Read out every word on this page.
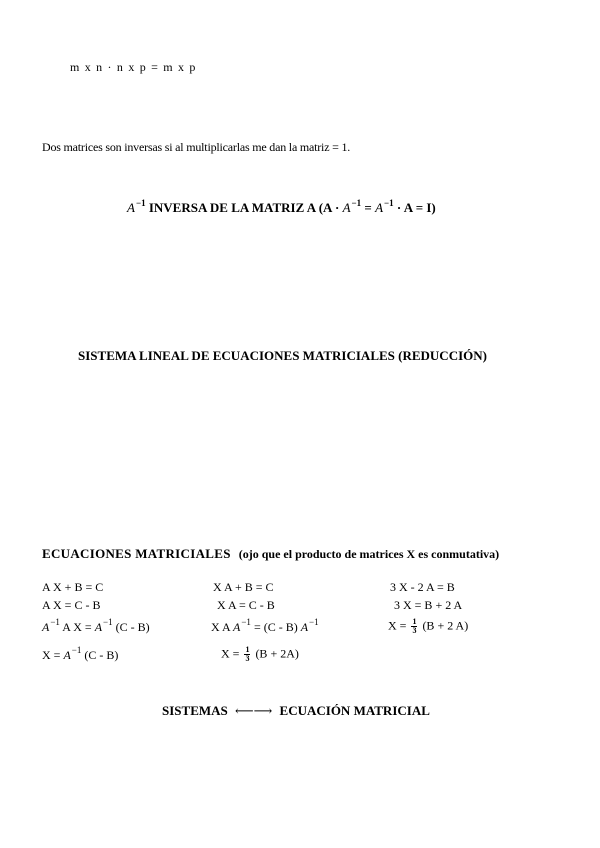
m x n · n x p = m x p
Dos matrices son inversas si al multiplicarlas me dan la matriz = 1.
$A^{-1}$ INVERSA DE LA MATRIZ A $(A \cdot A^{-1} = A^{-1} \cdot A = I)$
SISTEMA LINEAL DE ECUACIONES MATRICIALES (REDUCCIÓN)
ECUACIONES MATRICIALES (ojo que el producto de matrices X es conmutativa)
A X + B = C
A X = C - B
$A^{-1}$ A $X = A^{-1}$ (C - B)
$X = A^{-1}$ (C - B)
X A + B = C
X A = C - B
X A $A^{-1} = (C - B)$ $A^{-1}$
$X = \frac{1}{3} (B + 2A)$
3 X - 2 A = B
3 X = B + 2 A
$X = \frac{1}{3} (B + 2$ A)
SISTEMAS ⟵⟶ ECUACIÓN MATRICIAL
